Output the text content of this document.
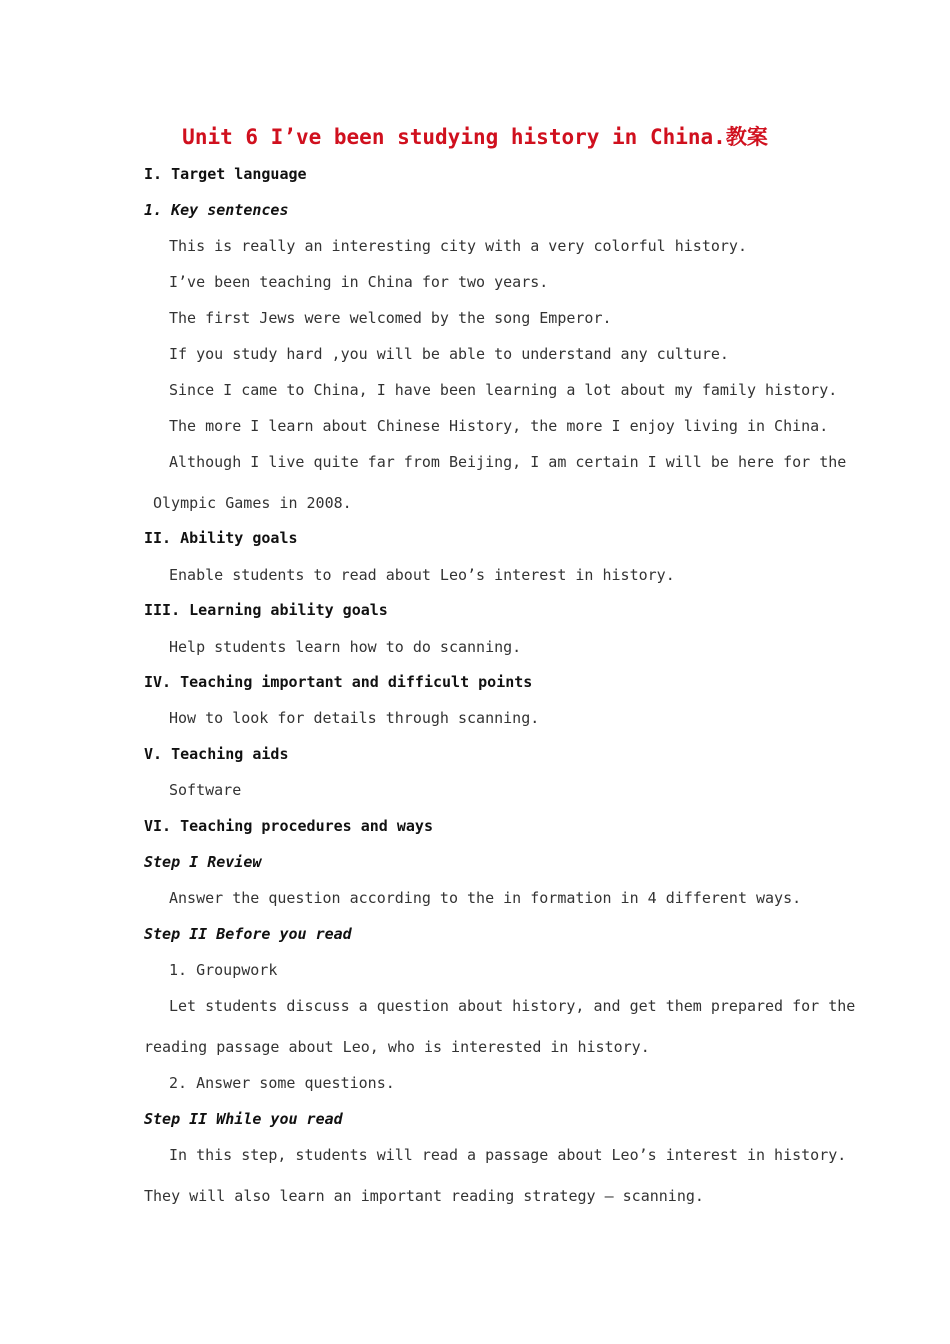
Unit 6 I’ve been studying history in China.教案
I. Target language
1. Key sentences
This is really an interesting city with a very colorful history.
I’ve been teaching in China for two years.
The first Jews were welcomed by the song Emperor.
If you study hard ,you will be able to understand any culture.
Since I came to China, I have been learning a lot about my family history.
The more I learn about Chinese History, the more I enjoy living in China.
Although I live quite far from Beijing, I am certain I will be here for the
Olympic Games in 2008.
II. Ability goals
Enable students to read about Leo’s interest in history.
III. Learning ability goals
Help students learn how to do scanning.
IV. Teaching important and difficult points
How to look for details through scanning.
V. Teaching aids
Software
VI. Teaching procedures and ways
Step I Review
Answer the question according to the in formation in 4 different ways.
Step II Before you read
1. Groupwork
Let students discuss a question about history, and get them prepared for the
reading passage about Leo, who is interested in history.
2. Answer some questions.
Step II While you read
In this step, students will read a passage about Leo’s interest in history.
They will also learn an important reading strategy — scanning.
